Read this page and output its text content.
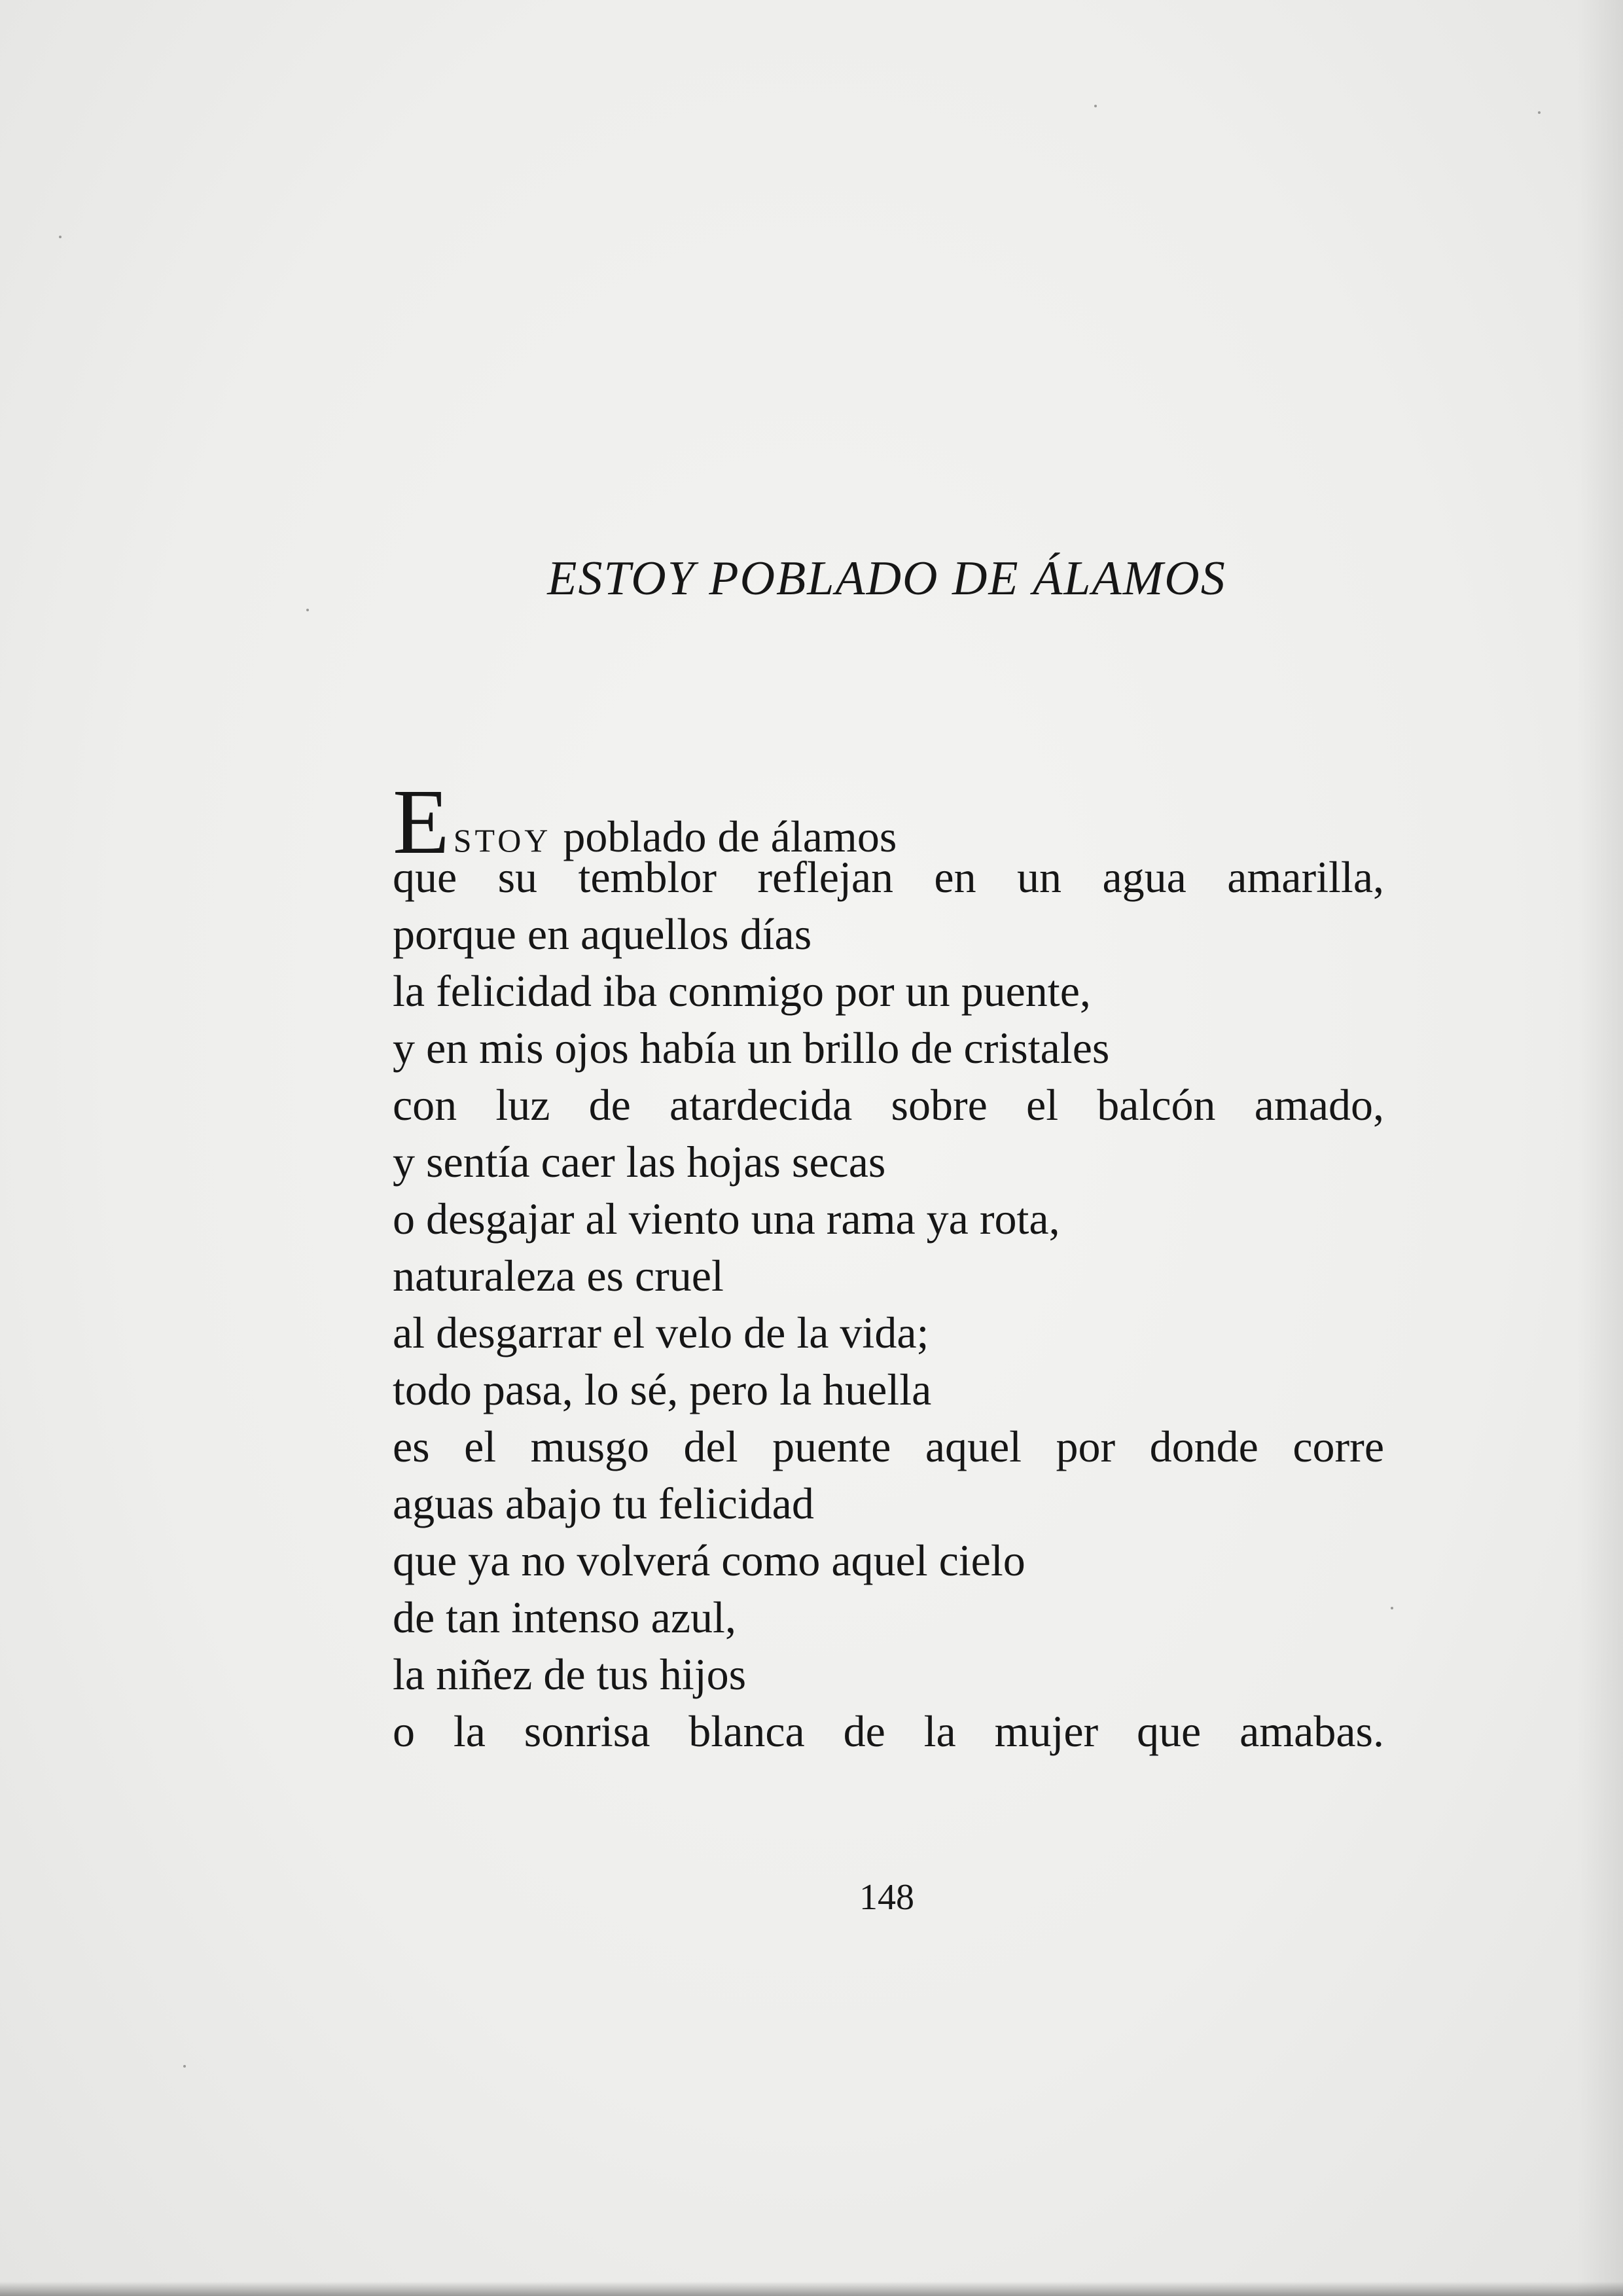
ESTOY POBLADO DE ÁLAMOS
ESTOY poblado de álamos
que su temblor reflejan en un agua amarilla,
porque en aquellos días
la felicidad iba conmigo por un puente,
y en mis ojos había un brillo de cristales
con luz de atardecida sobre el balcón amado,
y sentía caer las hojas secas
o desgajar al viento una rama ya rota,
naturaleza es cruel
al desgarrar el velo de la vida;
todo pasa, lo sé, pero la huella
es el musgo del puente aquel por donde corre
aguas abajo tu felicidad
que ya no volverá como aquel cielo
de tan intenso azul,
la niñez de tus hijos
o la sonrisa blanca de la mujer que amabas.
148
